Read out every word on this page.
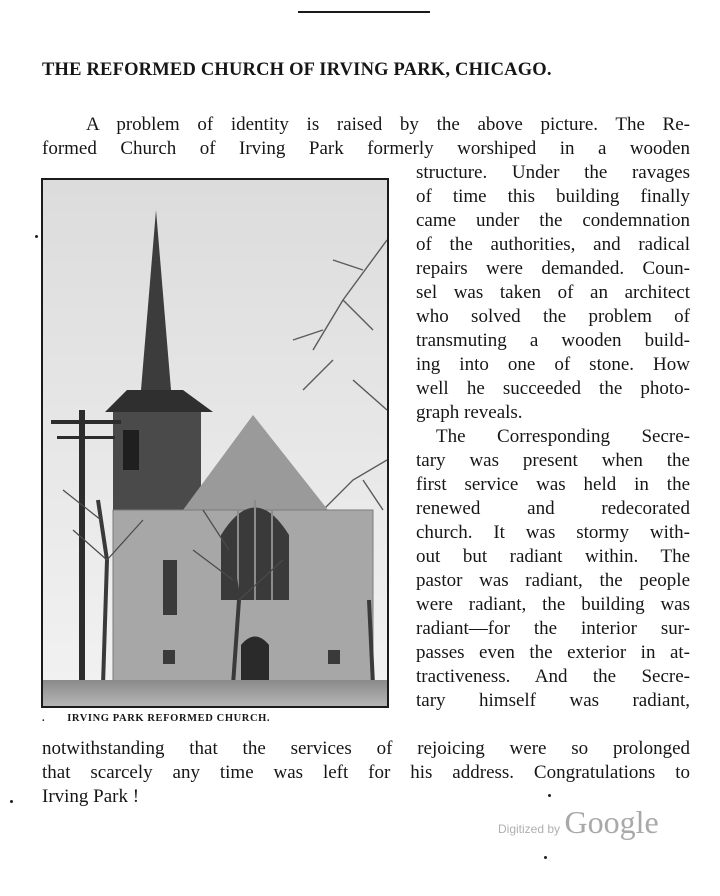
THE REFORMED CHURCH OF IRVING PARK, CHICAGO.
A problem of identity is raised by the above picture. The Re-
formed Church of Irving Park formerly worshiped in a wooden
structure. Under the ravages
of time this building finally
came under the condemnation
of the authorities, and radical
repairs were demanded. Coun-
sel was taken of an architect
who solved the problem of
transmuting a wooden build-
ing into one of stone. How
well he succeeded the photo-
graph reveals.
The Corresponding Secre-
tary was present when the
first service was held in the
renewed and redecorated
church. It was stormy with-
out but radiant within. The
pastor was radiant, the people
were radiant, the building was
radiant—for the interior sur-
passes even the exterior in at-
tractiveness. And the Secre-
tary himself was radiant,
notwithstanding that the services of rejoicing were so prolonged
that scarcely any time was left for his address. Congratulations to
Irving Park !
. IRVING PARK REFORMED CHURCH.
Digitized by Google
